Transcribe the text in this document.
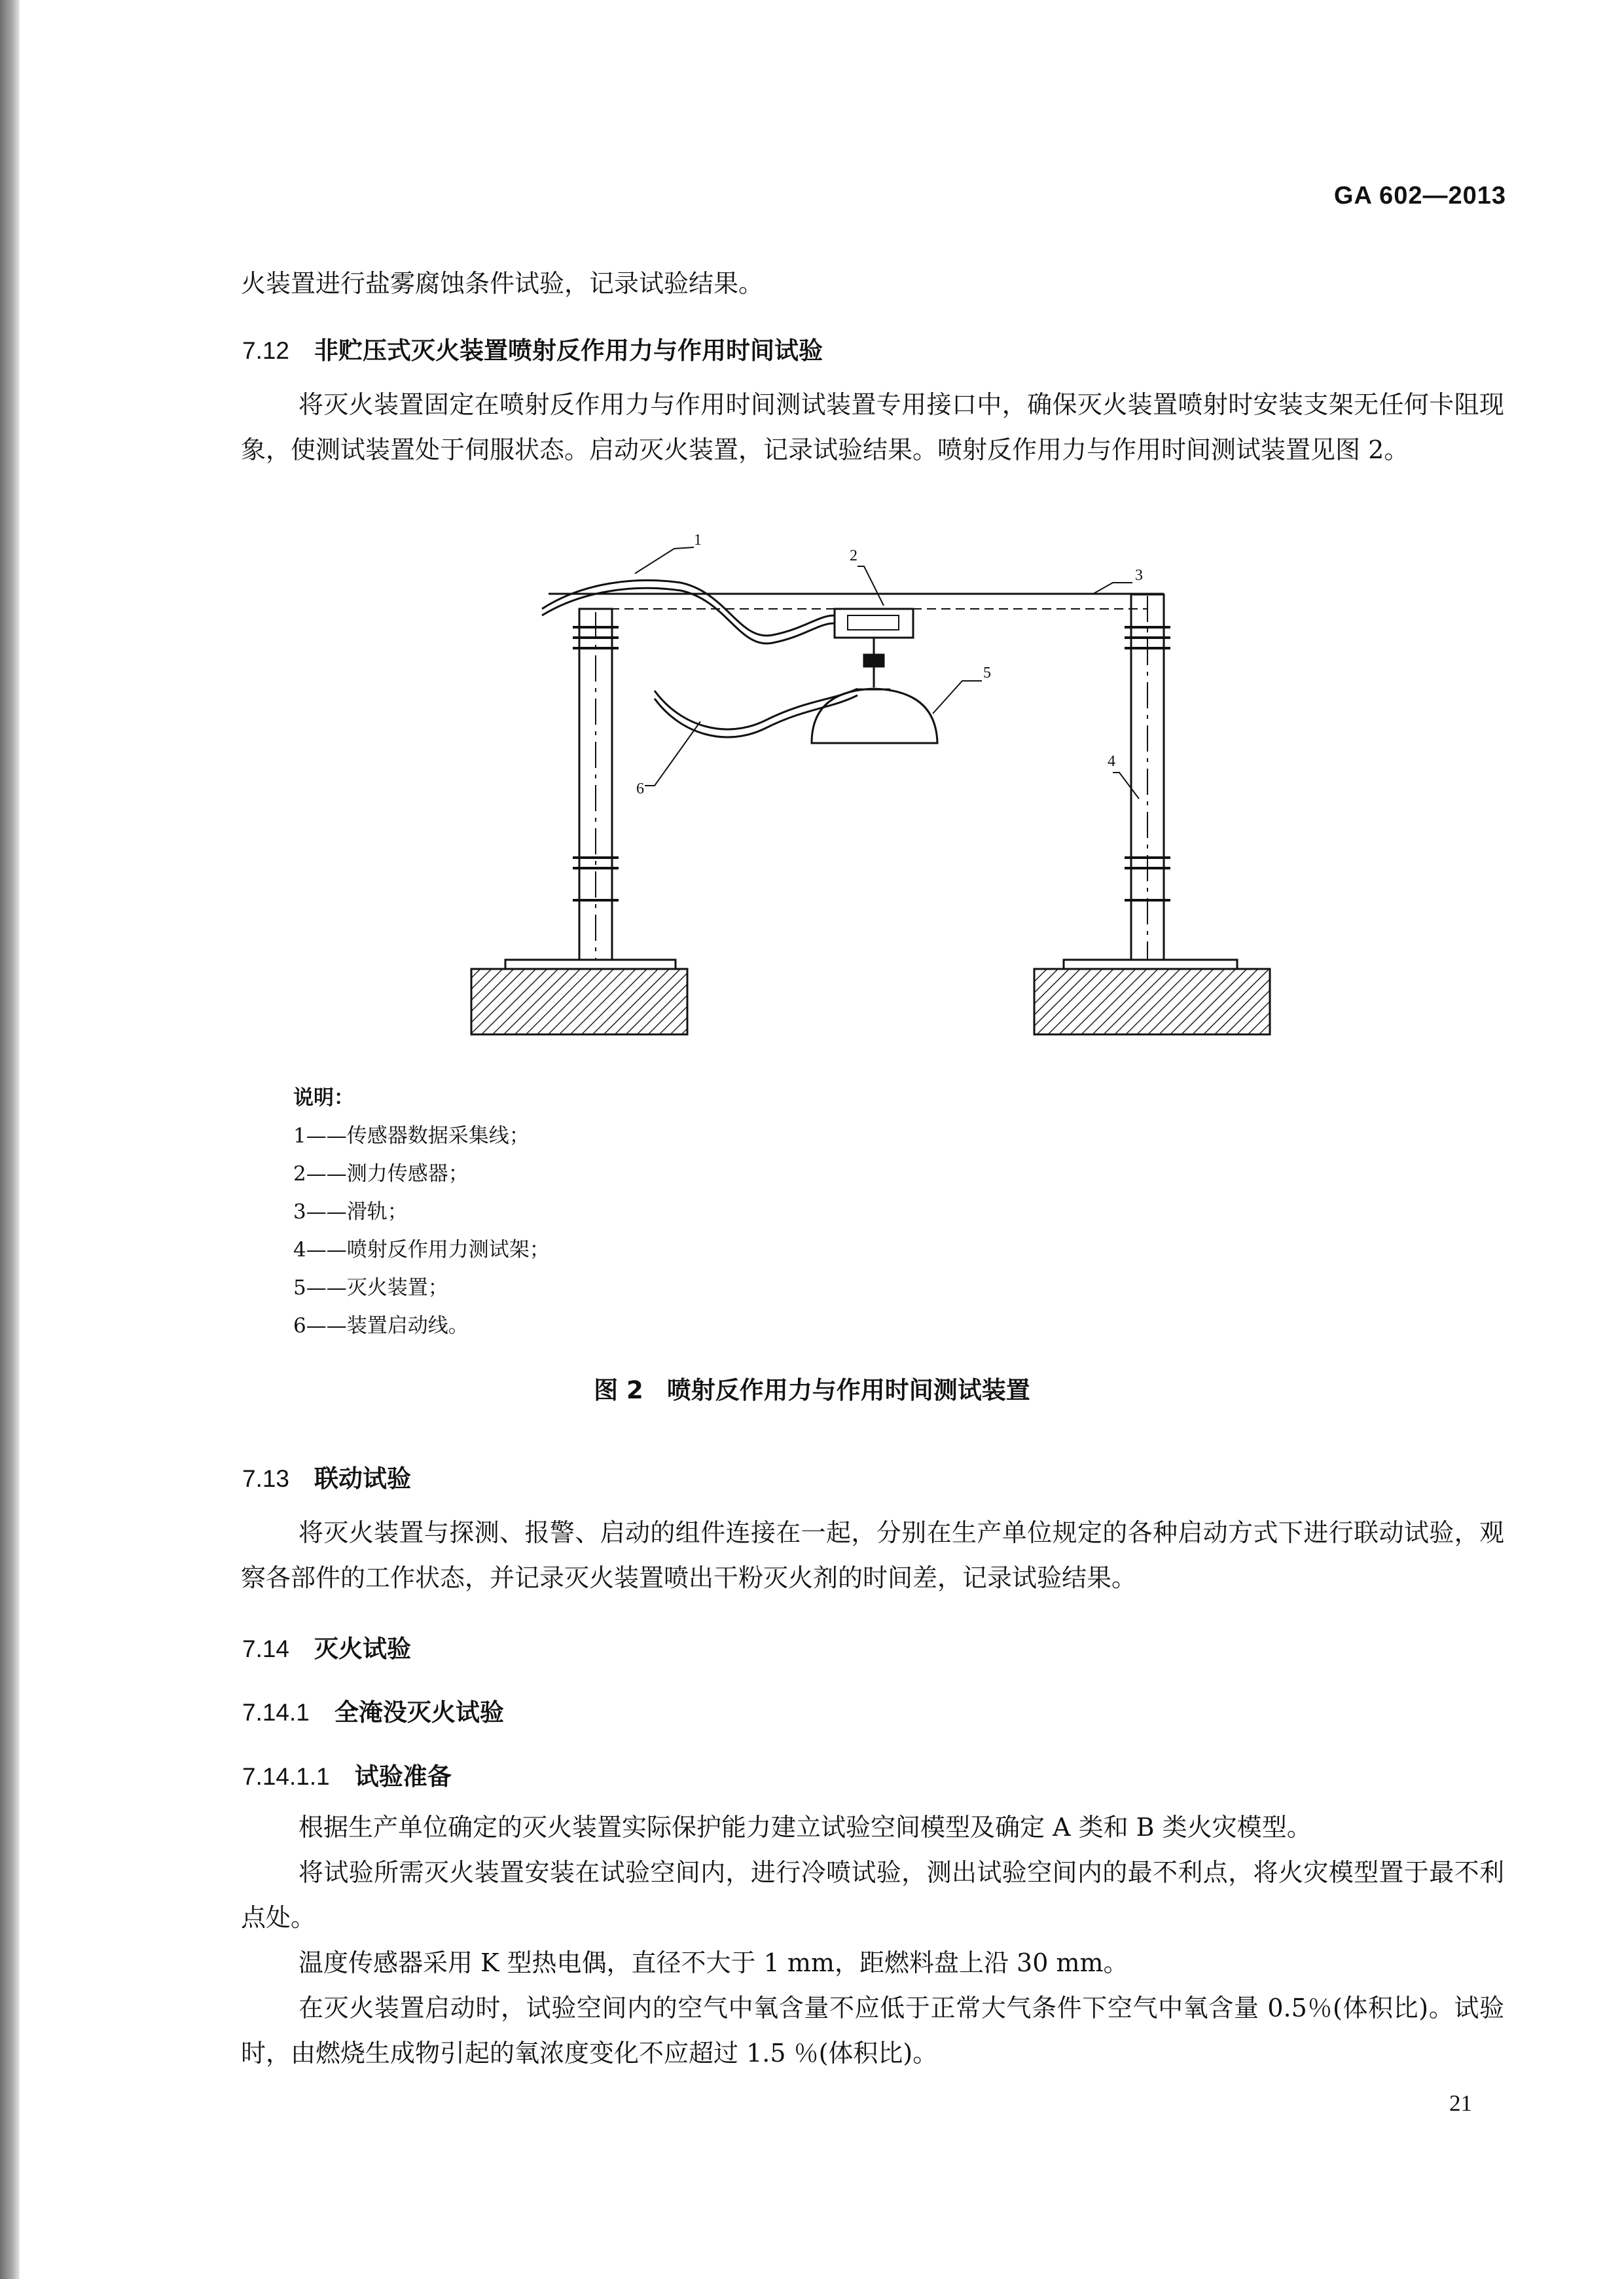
GA 602—2013

火装置进行盐雾腐蚀条件试验，记录试验结果。

7.12 非贮压式灭火装置喷射反作用力与作用时间试验

将灭火装置固定在喷射反作用力与作用时间测试装置专用接口中，确保灭火装置喷射时安装支架无任何卡阻现象，使测试装置处于伺服状态。启动灭火装置，记录试验结果。喷射反作用力与作用时间测试装置见图 2。

1
2
3
4
5
6
说明：
1——传感器数据采集线；
2——测力传感器；
3——滑轨；
4——喷射反作用力测试架；
5——灭火装置；
6——装置启动线。
图 2 喷射反作用力与作用时间测试装置
7.13 联动试验

将灭火装置与探测、报警、启动的组件连接在一起，分别在生产单位规定的各种启动方式下进行联动试验，观察各部件的工作状态，并记录灭火装置喷出干粉灭火剂的时间差，记录试验结果。

7.14 灭火试验
7.14.1 全淹没灭火试验
7.14.1.1 试验准备

根据生产单位确定的灭火装置实际保护能力建立试验空间模型及确定 A 类和 B 类火灾模型。

将试验所需灭火装置安装在试验空间内，进行冷喷试验，测出试验空间内的最不利点，将火灾模型置于最不利点处。

温度传感器采用 K 型热电偶，直径不大于 1 mm，距燃料盘上沿 30 mm。

在灭火装置启动时，试验空间内的空气中氧含量不应低于正常大气条件下空气中氧含量 0.5％(体积比)。试验时，由燃烧生成物引起的氧浓度变化不应超过 1.5 ％(体积比)。

21
